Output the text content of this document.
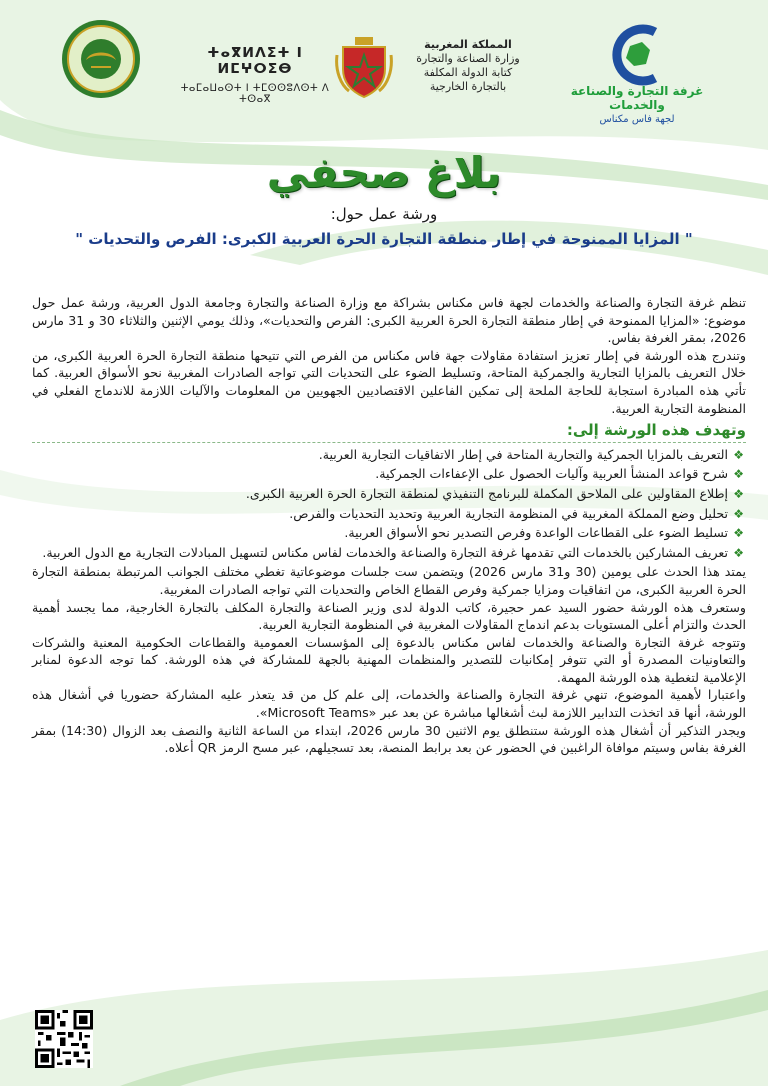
ⵜⴰⴳⵍⴷⵉⵜ ⵏ ⵍⵎⵖⵔⵉⴱ
ⵜⴰⵎⴰⵡⴰⵙⵜ ⵏ ⵜⵎⵙⵙⵓⴷⵙⵜ ⴷ ⵜⵙⴰⴳ
المملكة المغربية
وزارة الصناعة والتجارة
كتابة الدولة المكلفة
بالتجارة الخارجية	غرفة التجارة والصناعة والخدمات
لجهة فاس مكناس
بلاغ صحفي
ورشة عمل حول:
" المزايا الممنوحة في إطار منطقة التجارة الحرة العربية الكبرى: الفرص والتحديات "

تنظم غرفة التجارة والصناعة والخدمات لجهة فاس مكناس بشراكة مع وزارة الصناعة والتجارة وجامعة الدول العربية، ورشة عمل حول موضوع: «المزايا الممنوحة في إطار منطقة التجارة الحرة العربية الكبرى: الفرص والتحديات»، وذلك يومي الإثنين والثلاثاء 30 و 31 مارس 2026، بمقر الغرفة بفاس.

وتندرج هذه الورشة في إطار تعزيز استفادة مقاولات جهة فاس مكناس من الفرص التي تتيحها منطقة التجارة الحرة العربية الكبرى، من خلال التعريف بالمزايا التجارية والجمركية المتاحة، وتسليط الضوء على التحديات التي تواجه الصادرات المغربية نحو الأسواق العربية. كما تأتي هذه المبادرة استجابة للحاجة الملحة إلى تمكين الفاعلين الاقتصاديين الجهويين من المعلومات والآليات اللازمة للاندماج الفعلي في المنظومة التجارية العربية.

وتهدف هذه الورشة إلى:
❖
التعريف بالمزايا الجمركية والتجارية المتاحة في إطار الاتفاقيات التجارية العربية.
❖
شرح قواعد المنشأ العربية وآليات الحصول على الإعفاءات الجمركية.
❖
إطلاع المقاولين على الملاحق المكملة للبرنامج التنفيذي لمنطقة التجارة الحرة العربية الكبرى.
❖
تحليل وضع المملكة المغربية في المنظومة التجارية العربية وتحديد التحديات والفرص.
❖
تسليط الضوء على القطاعات الواعدة وفرص التصدير نحو الأسواق العربية.
❖
تعريف المشاركين بالخدمات التي تقدمها غرفة التجارة والصناعة والخدمات لفاس مكناس لتسهيل المبادلات التجارية مع الدول العربية.

يمتد هذا الحدث على يومين (30 و31 مارس 2026) ويتضمن ست جلسات موضوعاتية تغطي مختلف الجوانب المرتبطة بمنطقة التجارة الحرة العربية الكبرى، من اتفاقيات ومزايا جمركية وفرص القطاع الخاص والتحديات التي تواجه الصادرات المغربية.

وستعرف هذه الورشة حضور السيد عمر حجيرة، كاتب الدولة لدى وزير الصناعة والتجارة المكلف بالتجارة الخارجية، مما يجسد أهمية الحدث والتزام أعلى المستويات بدعم اندماج المقاولات المغربية في المنظومة التجارية العربية.

وتتوجه غرفة التجارة والصناعة والخدمات لفاس مكناس بالدعوة إلى المؤسسات العمومية والقطاعات الحكومية المعنية والشركات والتعاونيات المصدرة أو التي تتوفر إمكانيات للتصدير والمنظمات المهنية بالجهة للمشاركة في هذه الورشة. كما توجه الدعوة لمنابر الإعلامية لتغطية هذه الورشة المهمة.

واعتبارا لأهمية الموضوع، تنهي غرفة التجارة والصناعة والخدمات، إلى علم كل من قد يتعذر عليه المشاركة حضوريا في أشغال هذه الورشة، أنها قد اتخذت التدابير اللازمة لبث أشغالها مباشرة عن بعد عبر «Microsoft Teams».

ويجدر التذكير أن أشغال هذه الورشة ستنطلق يوم الاثنين 30 مارس 2026، ابتداء من الساعة الثانية والنصف بعد الزوال (14:30) بمقر الغرفة بفاس وسيتم موافاة الراغبين في الحضور عن بعد برابط المنصة، بعد تسجيلهم، عبر مسح الرمز QR أعلاه.
